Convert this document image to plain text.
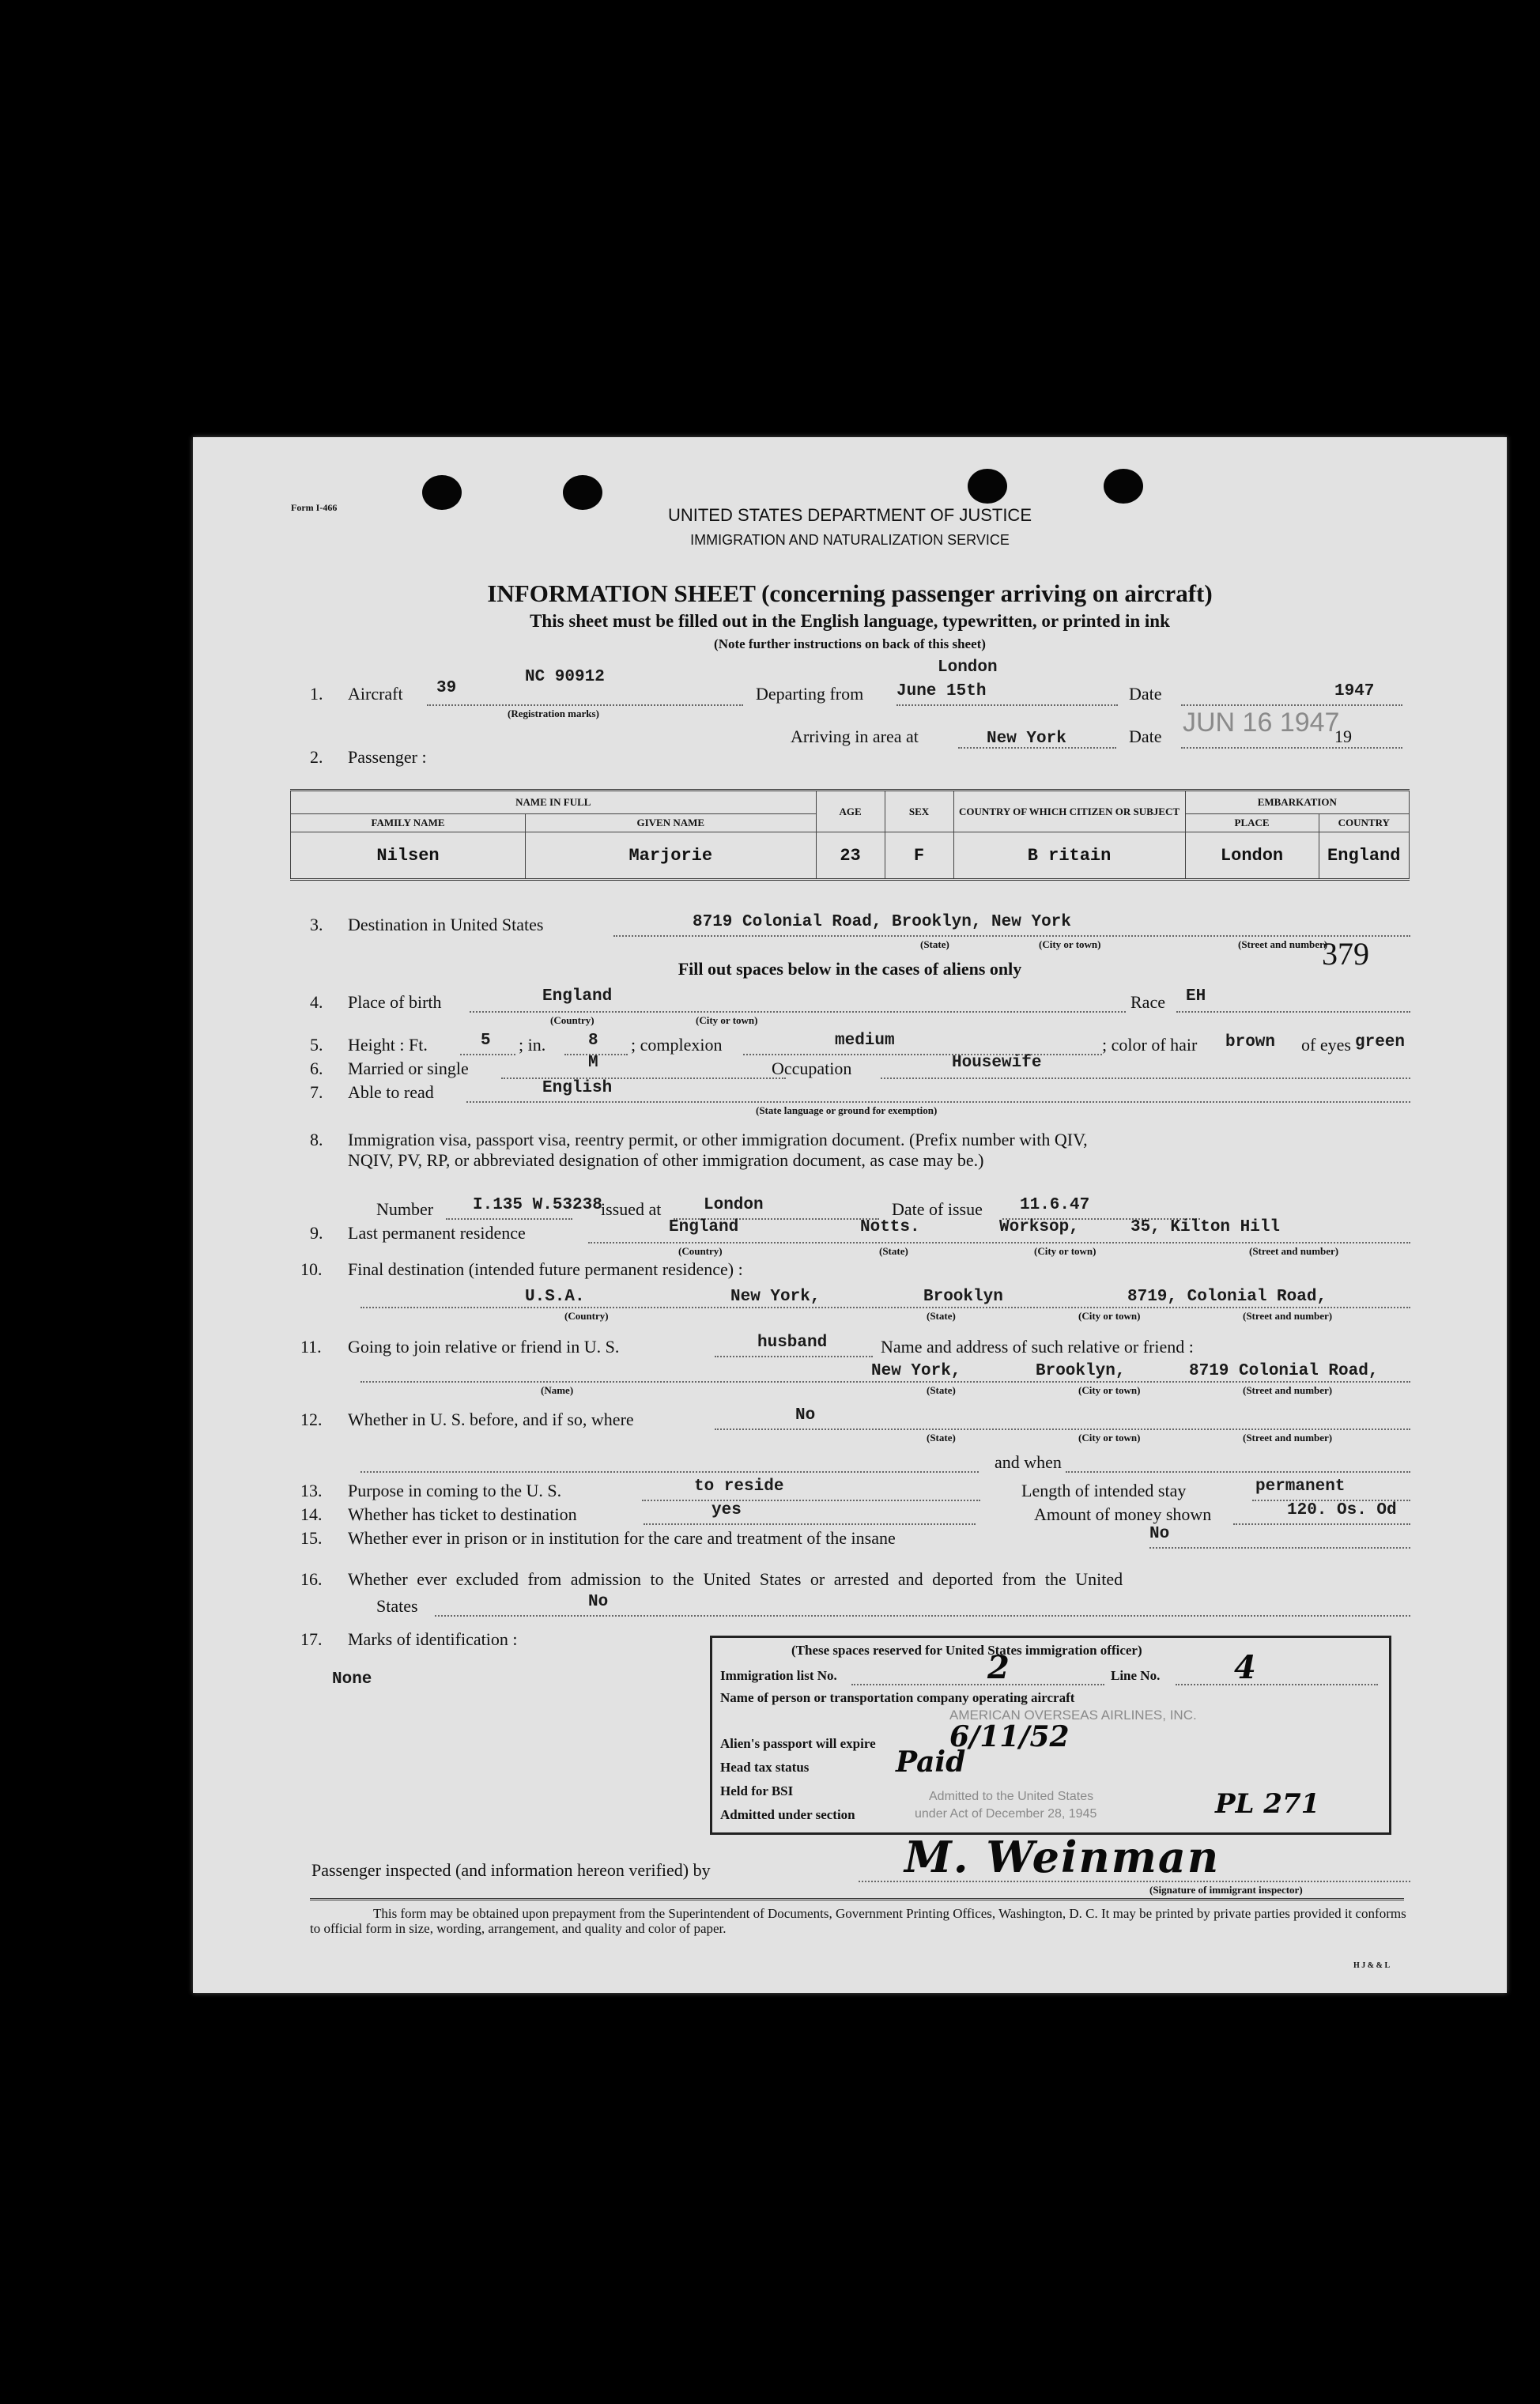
Form I-466	UNITED STATES DEPARTMENT OF JUSTICE
IMMIGRATION AND NATURALIZATION SERVICE
INFORMATION SHEET (concerning passenger arriving on aircraft)
This sheet must be filled out in the English language, typewritten, or printed in ink
(Note further instructions on back of this sheet)
1. Aircraft 39
NC 90912
(Registration marks)
Departing from
London
June 15th	Date	1947
Arriving in area at	New York	Date JUN 16 1947
19
2. Passenger :
NAME IN FULL		AGE	SEX	COUNTRY OF WHICH CITIZEN OR SUBJECT	EMBARKATION	
FAMILY NAME	GIVEN NAME				PLACE	COUNTRY
Nilsen	Marjorie	23	F	B ritain	London	England
3. Destination in United States	8719 Colonial Road, Brooklyn, New York
(State)	(City or town)	(Street and number)
379
Fill out spaces below in the cases of aliens only
4. Place of birth	England
(Country)	(City or town)
Race EH
5. Height : Ft.	5 ; in.	8 ; complexion	medium	; color of hair brown of eyes green
6. Married or single	M	Occupation	Housewife
7. Able to read	English
(State language or ground for exemption)
8. Immigration visa, passport visa, reentry permit, or other immigration document. (Prefix number with QIV,
NQIV, PV, RP, or abbreviated designation of other immigration document, as case may be.)
Number I.135 W.53238
issued at	London	Date of issue 11.6.47
9. Last permanent residence	England	Notts.	Worksop,	35, Kilton Hill
(Country)	(State)	(City or town)	(Street and number)
10. Final destination (intended future permanent residence) :
U.S.A.	New York,	Brooklyn	8719, Colonial Road,
(Country)	(State)	(City or town)	(Street and number)
11. Going to join relative or friend in U. S.	husband	Name and address of such relative or friend :
New York,	Brooklyn,	8719 Colonial Road,
(Name)	(State)	(City or town)	(Street and number)
12. Whether in U. S. before, and if so, where	No
(State)	(City or town)	(Street and number)
and when
13. Purpose in coming to the U. S.	to reside	Length of intended stay	permanent
14. Whether has ticket to destination	yes	Amount of money shown	120. Os. Od
15. Whether ever in prison or in institution for the care and treatment of the insane	No
16. Whether ever excluded from admission to the United States or arrested and deported from the United
States	No
17. Marks of identification :
None
(These spaces reserved for United States immigration officer)
Immigration list No.	2	Line No. 4
Name of person or transportation company operating aircraft
AMERICAN OVERSEAS AIRLINES, INC.
Alien's passport will expire	6/11/52
Head tax status	Paid
Held for BSI
Admitted under section
Admitted to the United States
under Act of December 28, 1945	PL 271
Passenger inspected (and information hereon verified) by	M. Weinman
(Signature of immigrant inspector)
This form may be obtained upon prepayment from the Superintendent of Documents, Government Printing Offices, Washington, D. C. It may be printed by private parties provided it conforms to official form in size, wording, arrangement, and quality and color of paper.
H J & & L
